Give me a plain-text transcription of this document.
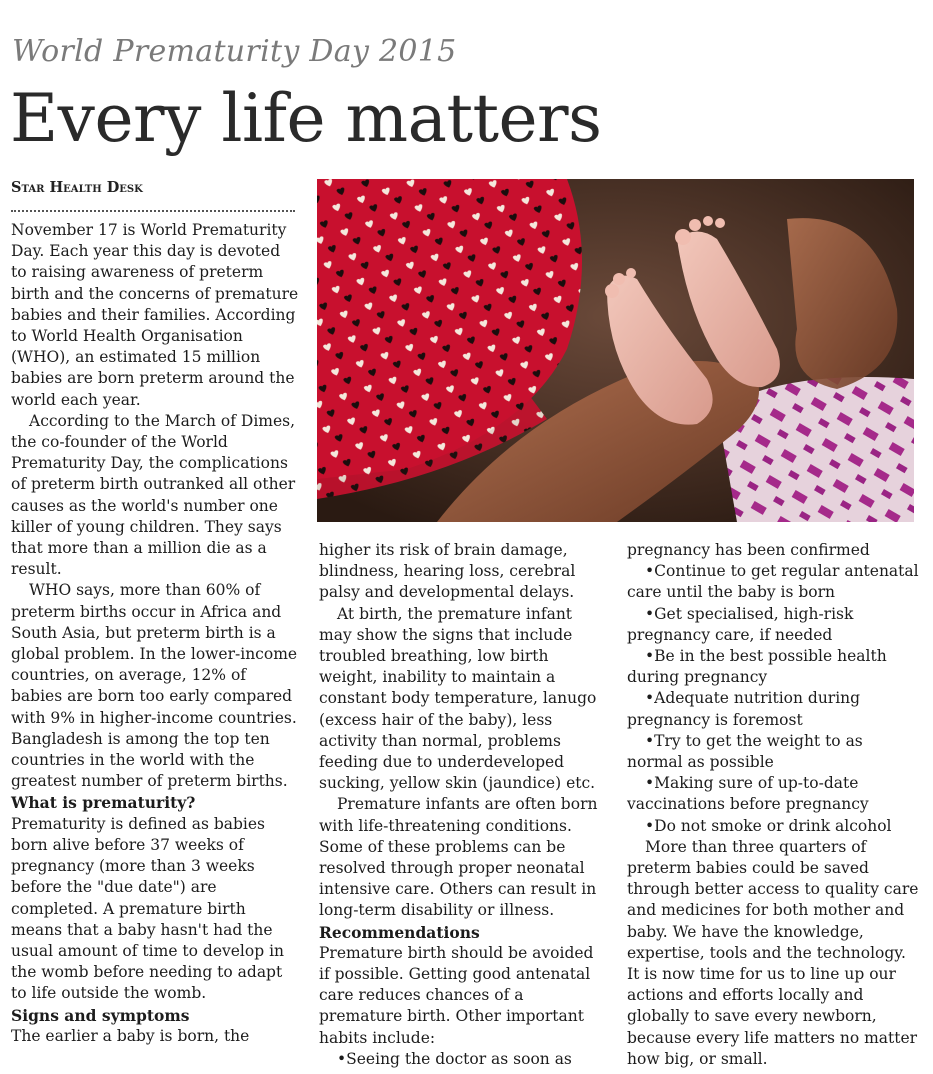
World Prematurity Day 2015
Every life matters
Star Health Desk

November 17 is World Prematurity Day. Each year this day is devoted to raising awareness of preterm birth and the concerns of premature babies and their families. According to World Health Organisation (WHO), an estimated 15 million babies are born preterm around the world each year.

According to the March of Dimes, the co-founder of the World Prematurity Day, the complications of preterm birth outranked all other causes as the world's number one killer of young children. They says that more than a million die as a result.

WHO says, more than 60% of preterm births occur in Africa and South Asia, but preterm birth is a global problem. In the lower-income countries, on average, 12% of babies are born too early compared with 9% in higher-income countries. Bangladesh is among the top ten countries in the world with the greatest number of preterm births.

What is prematurity?

Prematurity is defined as babies born alive before 37 weeks of pregnancy (more than 3 weeks before the "due date") are completed. A premature birth means that a baby hasn't had the usual amount of time to develop in the womb before needing to adapt to life outside the womb.

Signs and symptoms

The earlier a baby is born, the

higher its risk of brain damage, blindness, hearing loss, cerebral palsy and developmental delays.

At birth, the premature infant may show the signs that include troubled breathing, low birth weight, inability to maintain a constant body temperature, lanugo (excess hair of the baby), less activity than normal, problems feeding due to underdeveloped sucking, yellow skin (jaundice) etc.

Premature infants are often born with life-threatening conditions. Some of these problems can be resolved through proper neonatal intensive care. Others can result in long-term disability or illness.

Recommendations

Premature birth should be avoided if possible. Getting good antenatal care reduces chances of a premature birth. Other important habits include:

•Seeing the doctor as soon as

pregnancy has been confirmed

•Continue to get regular antenatal care until the baby is born

•Get specialised, high-risk pregnancy care, if needed

•Be in the best possible health during pregnancy

•Adequate nutrition during pregnancy is foremost

•Try to get the weight to as normal as possible

•Making sure of up-to-date vaccinations before pregnancy

•Do not smoke or drink alcohol

More than three quarters of preterm babies could be saved through better access to quality care and medicines for both mother and baby. We have the knowledge, expertise, tools and the technology. It is now time for us to line up our actions and efforts locally and globally to save every newborn, because every life matters no matter how big, or small.
